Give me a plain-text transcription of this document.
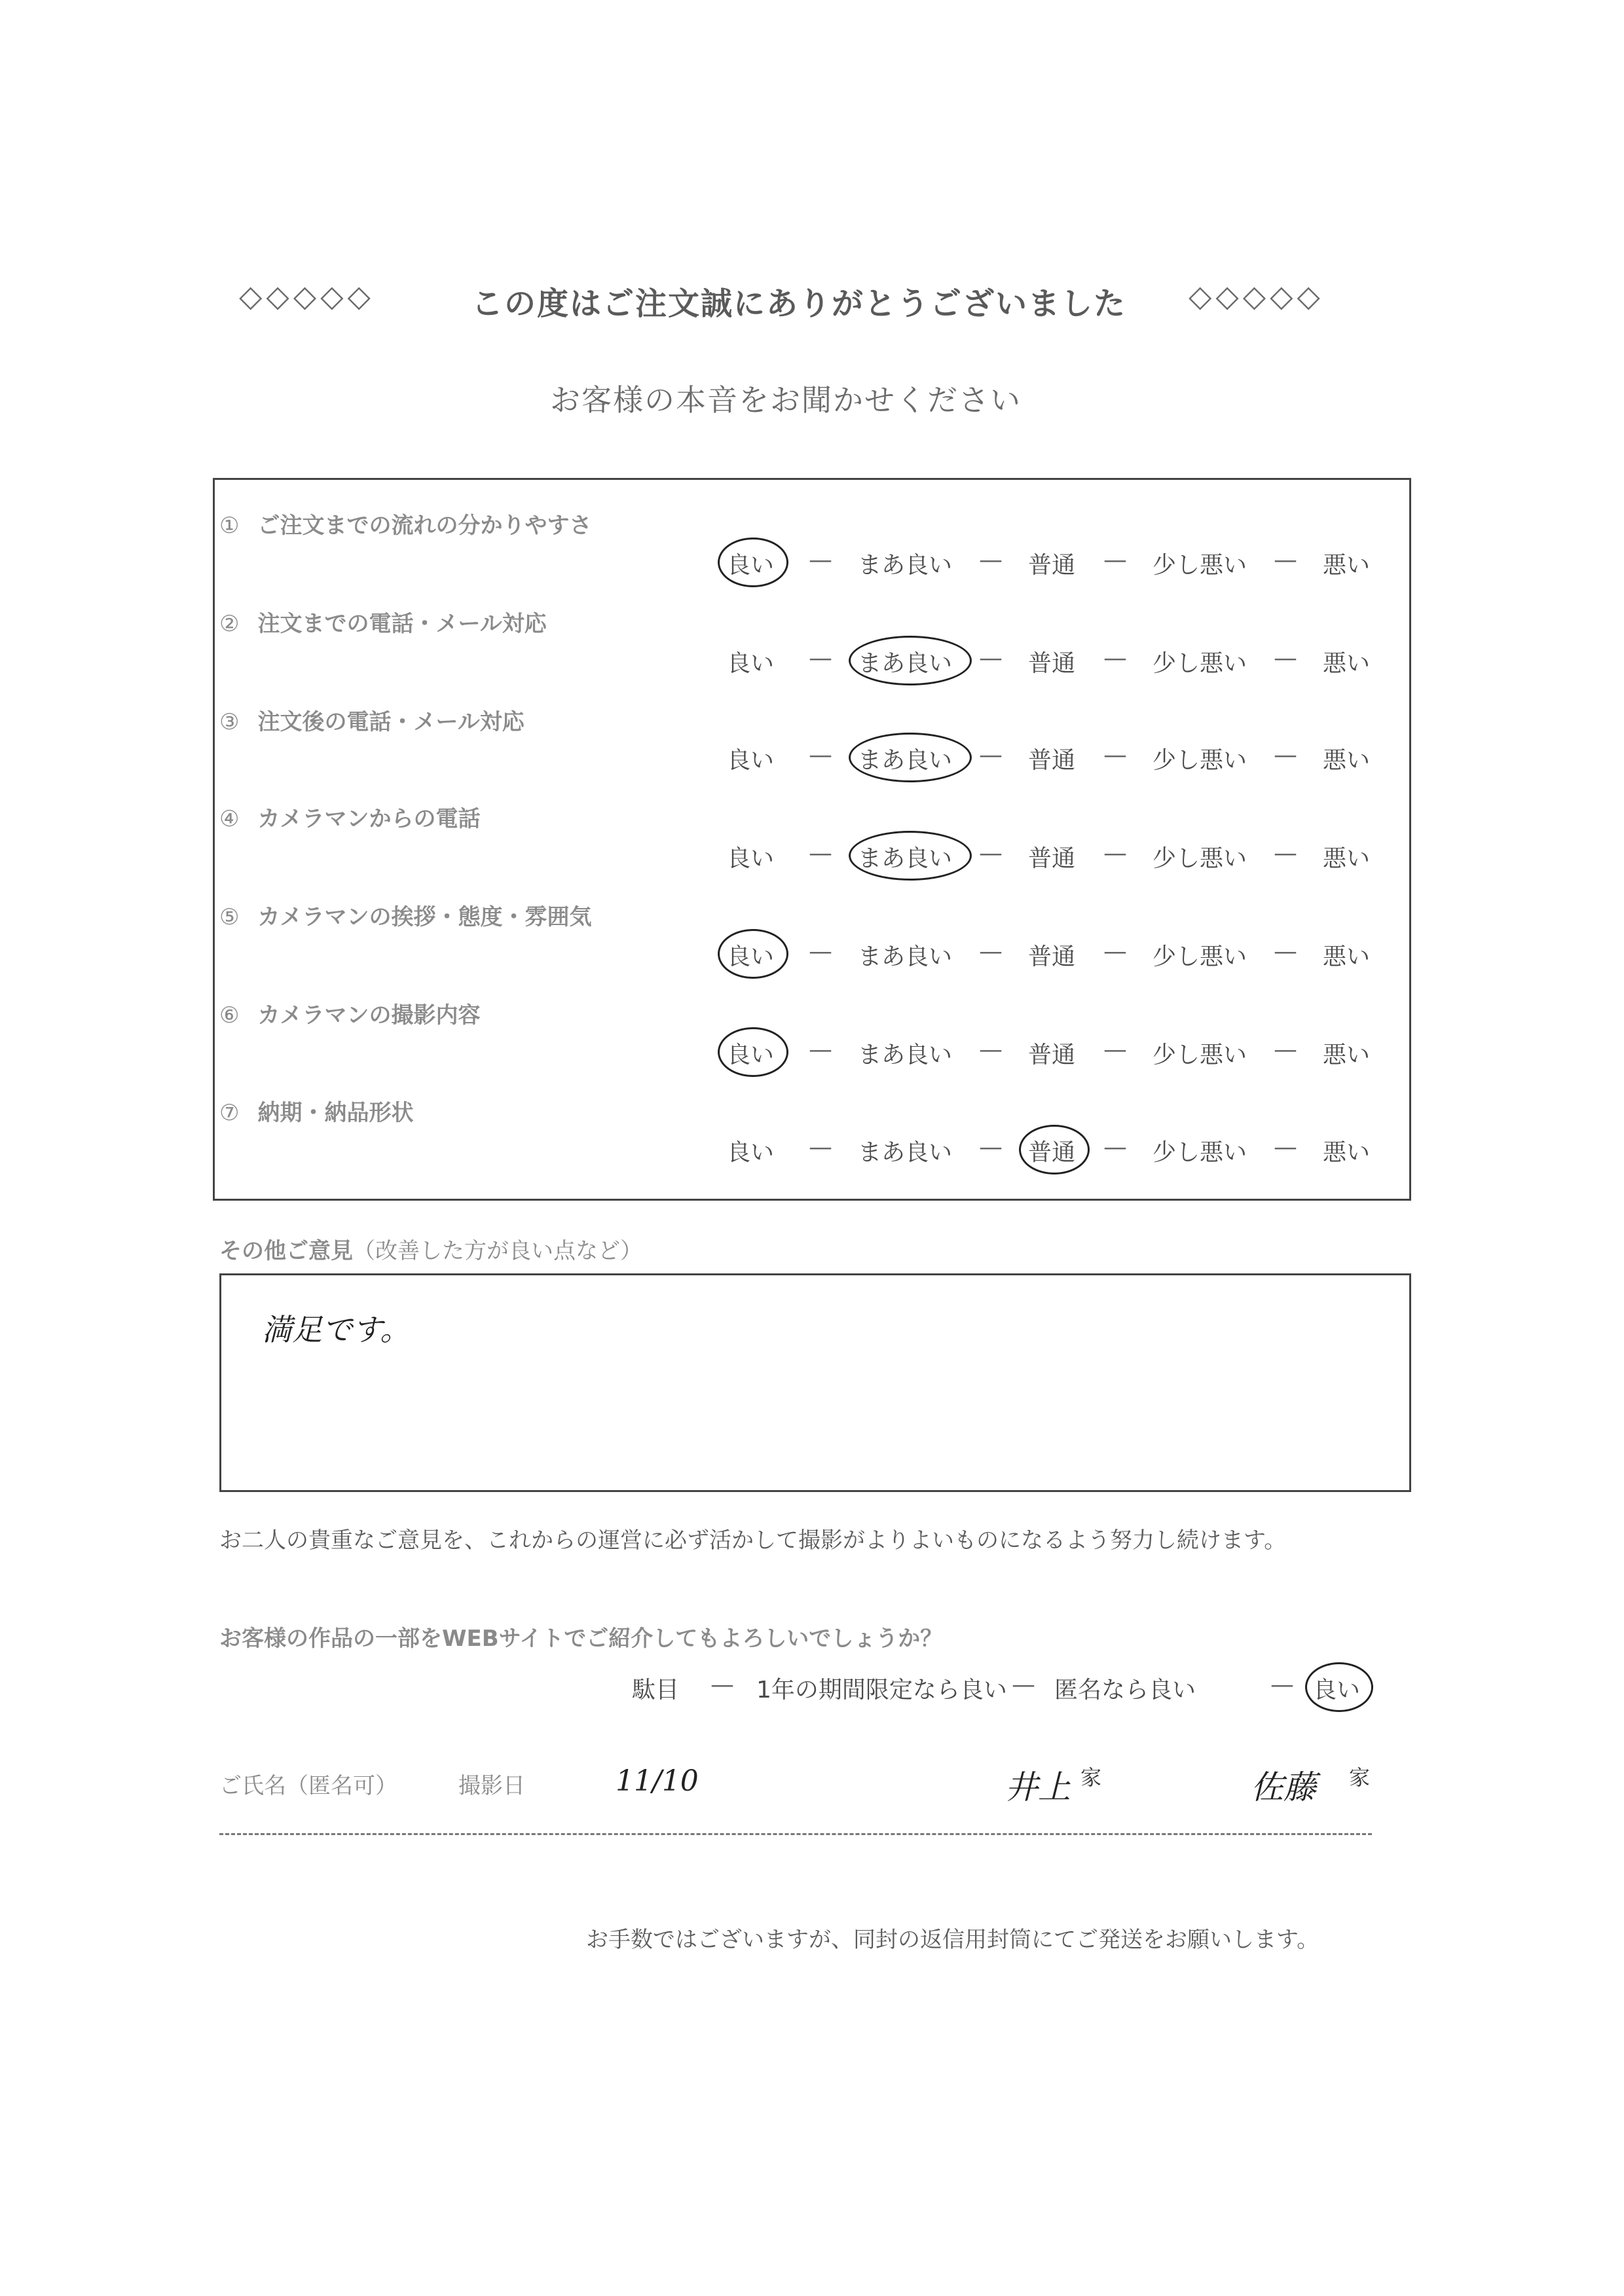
◇◇◇◇◇	この度はご注文誠にありがとうございました ◇◇◇◇◇
お客様の本音をお聞かせください
① ご注文までの流れの分かりやすさ
良い — まあ良い — 普通 — 少し悪い — 悪い
② 注文までの電話・メール対応
良い — まあ良い — 普通 — 少し悪い — 悪い
③ 注文後の電話・メール対応
良い — まあ良い — 普通 — 少し悪い — 悪い
④ カメラマンからの電話
良い — まあ良い — 普通 — 少し悪い — 悪い
⑤ カメラマンの挨拶・態度・雰囲気
良い — まあ良い — 普通 — 少し悪い — 悪い
⑥ カメラマンの撮影内容
良い — まあ良い — 普通 — 少し悪い — 悪い
⑦ 納期・納品形状
良い — まあ良い — 普通 — 少し悪い — 悪い
その他ご意見（改善した方が良い点など）
満足です。
お二人の貴重なご意見を、これからの運営に必ず活かして撮影がよりよいものになるよう努力し続けます。
お客様の作品の一部をWEBサイトでご紹介してもよろしいでしょうか？
駄目	1年の期間限定なら良い 匿名なら良い	良い
—	—	—
ご氏名（匿名可）	撮影日	11/10	井上 家	佐藤 家
お手数ではございますが、同封の返信用封筒にてご発送をお願いします。
